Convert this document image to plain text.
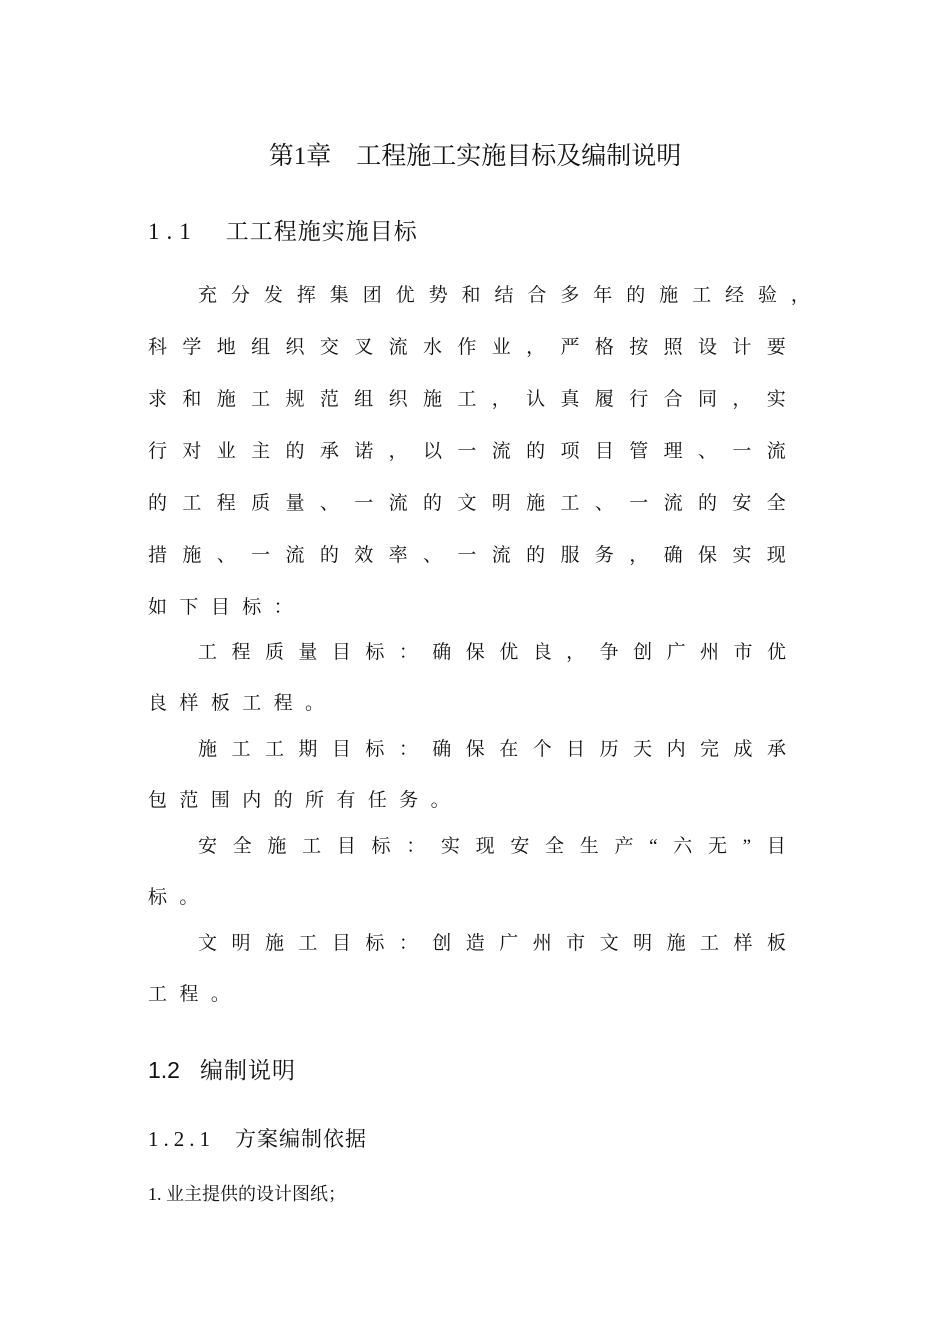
第1章　工程施工实施目标及编制说明
1.1 工工程施实施目标
充 分 发 挥 集 团 优 势 和 结 合 多 年 的 施 工 经 验 ，
科 学 地 组 织 交 叉 流 水 作 业 ， 严 格 按 照 设 计 要
求 和 施 工 规 范 组 织 施 工 ， 认 真 履 行 合 同 ， 实
行 对 业 主 的 承 诺 ， 以 一 流 的 项 目 管 理 、 一 流
的 工 程 质 量 、 一 流 的 文 明 施 工 、 一 流 的 安 全
措 施 、 一 流 的 效 率 、 一 流 的 服 务 ， 确 保 实 现
如 下 目 标 ：
工 程 质 量 目 标 ： 确 保 优 良 ， 争 创 广 州 市 优
良 样 板 工 程 。
施 工 工 期 目 标 ： 确 保 在 个 日 历 天 内 完 成 承
包 范 围 内 的 所 有 任 务 。
安 全 施 工 目 标 ： 实 现 安 全 生 产 “ 六 无 ” 目
标 。
文 明 施 工 目 标 ： 创 造 广 州 市 文 明 施 工 样 板
工 程 。
1.2 编制说明
1.2.1 方案编制依据
1. 业主提供的设计图纸；
